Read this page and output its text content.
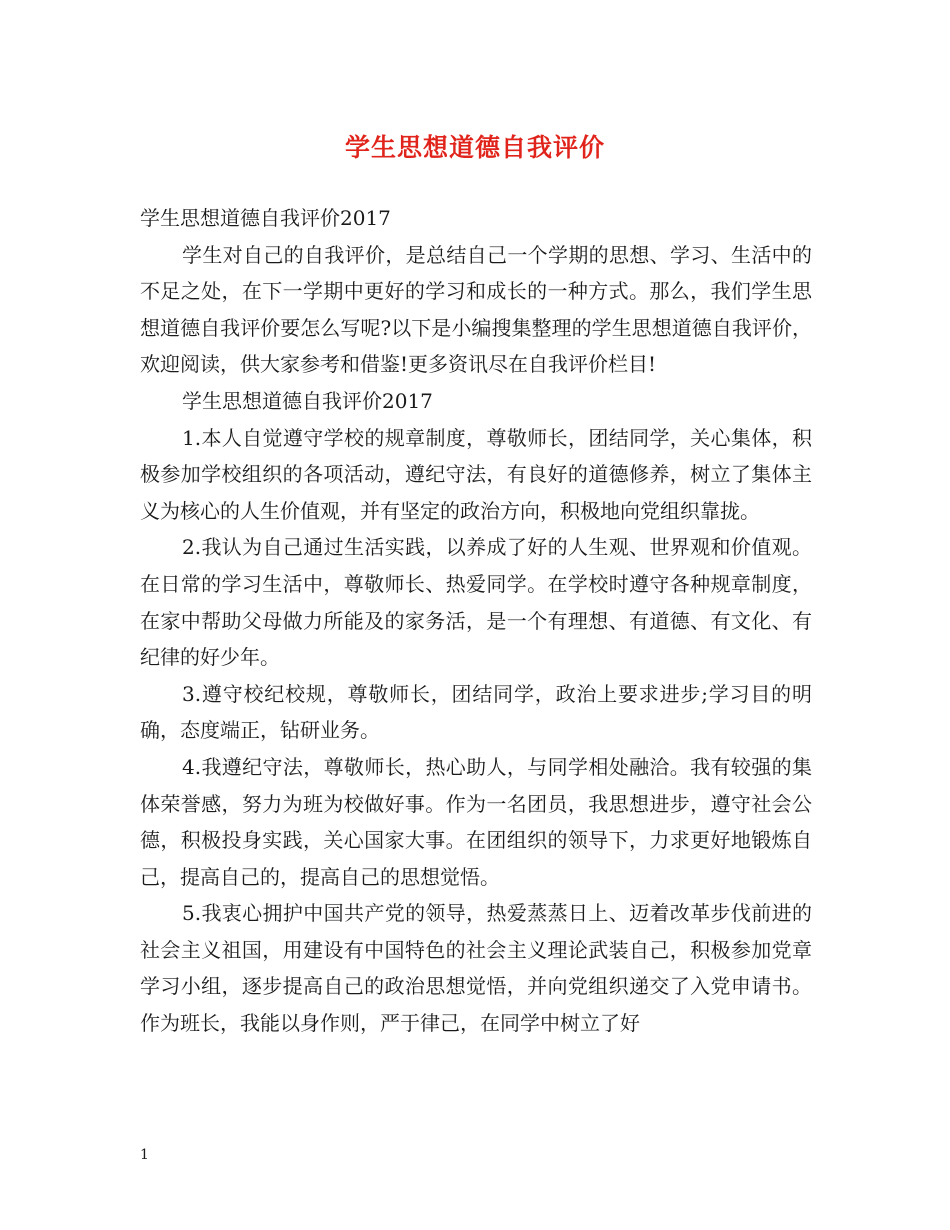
学生思想道德自我评价

学生思想道德自我评价2017

学生对自己的自我评价，是总结自己一个学期的思想、学习、生活中的不足之处，在下一学期中更好的学习和成长的一种方式。那么，我们学生思想道德自我评价要怎么写呢?以下是小编搜集整理的学生思想道德自我评价，欢迎阅读，供大家参考和借鉴!更多资讯尽在自我评价栏目!

学生思想道德自我评价2017

1.本人自觉遵守学校的规章制度，尊敬师长，团结同学，关心集体，积极参加学校组织的各项活动，遵纪守法，有良好的道德修养，树立了集体主义为核心的人生价值观，并有坚定的政治方向，积极地向党组织靠拢。

2.我认为自己通过生活实践，以养成了好的人生观、世界观和价值观。在日常的学习生活中，尊敬师长、热爱同学。在学校时遵守各种规章制度，在家中帮助父母做力所能及的家务活，是一个有理想、有道德、有文化、有纪律的好少年。

3.遵守校纪校规，尊敬师长，团结同学，政治上要求进步;学习目的明确，态度端正，钻研业务。

4.我遵纪守法，尊敬师长，热心助人，与同学相处融洽。我有较强的集体荣誉感，努力为班为校做好事。作为一名团员，我思想进步，遵守社会公德，积极投身实践，关心国家大事。在团组织的领导下，力求更好地锻炼自己，提高自己的，提高自己的思想觉悟。

5.我衷心拥护中国共产党的领导，热爱蒸蒸日上、迈着改革步伐前进的社会主义祖国，用建设有中国特色的社会主义理论武装自己，积极参加党章学习小组，逐步提高自己的政治思想觉悟，并向党组织递交了入党申请书。作为班长，我能以身作则，严于律己，在同学中树立了好

1
